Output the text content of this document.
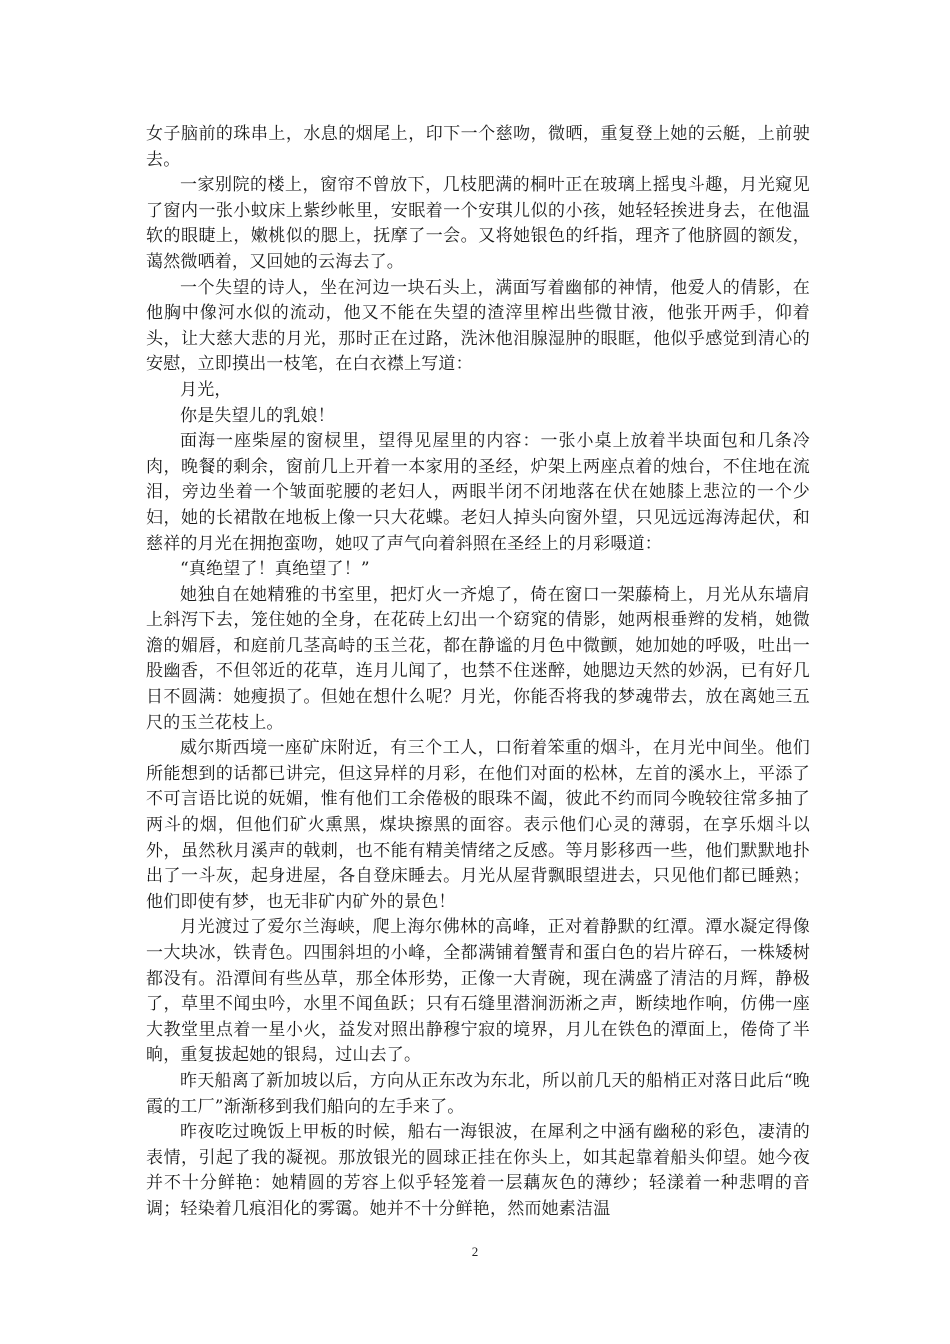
女子脑前的珠串上，水息的烟尾上，印下一个慈吻，微晒，重复登上她的云艇，上前驶去。

一家别院的楼上，窗帘不曾放下，几枝肥满的桐叶正在玻璃上摇曳斗趣，月光窥见了窗内一张小蚊床上紫纱帐里，安眠着一个安琪儿似的小孩，她轻轻挨进身去，在他温软的眼睫上，嫩桃似的腮上，抚摩了一会。又将她银色的纤指，理齐了他脐圆的额发，蔼然微哂着，又回她的云海去了。

一个失望的诗人，坐在河边一块石头上，满面写着幽郁的神情，他爱人的倩影，在他胸中像河水似的流动，他又不能在失望的渣滓里榨出些微甘液，他张开两手，仰着头，让大慈大悲的月光，那时正在过路，洗沐他泪腺湿肿的眼眶，他似乎感觉到清心的安慰，立即摸出一枝笔，在白衣襟上写道：

月光，

你是失望儿的乳娘！

面海一座柴屋的窗棂里，望得见屋里的内容：一张小桌上放着半块面包和几条冷肉，晚餐的剩余，窗前几上开着一本家用的圣经，炉架上两座点着的烛台，不住地在流泪，旁边坐着一个皱面驼腰的老妇人，两眼半闭不闭地落在伏在她膝上悲泣的一个少妇，她的长裙散在地板上像一只大花蝶。老妇人掉头向窗外望，只见远远海涛起伏，和慈祥的月光在拥抱蛮吻，她叹了声气向着斜照在圣经上的月彩嗫道：

“真绝望了！真绝望了！”

她独自在她精雅的书室里，把灯火一齐熄了，倚在窗口一架藤椅上，月光从东墙肩上斜泻下去，笼住她的全身，在花砖上幻出一个窈窕的倩影，她两根垂辫的发梢，她微澹的媚唇，和庭前几茎高峙的玉兰花，都在静谧的月色中微颤，她加她的呼吸，吐出一股幽香，不但邻近的花草，连月儿闻了，也禁不住迷醉，她腮边天然的妙涡，已有好几日不圆满：她瘦损了。但她在想什么呢？月光，你能否将我的梦魂带去，放在离她三五尺的玉兰花枝上。

威尔斯西境一座矿床附近，有三个工人，口衔着笨重的烟斗，在月光中间坐。他们所能想到的话都已讲完，但这异样的月彩，在他们对面的松林，左首的溪水上，平添了不可言语比说的妩媚，惟有他们工余倦极的眼珠不阖，彼此不约而同今晚较往常多抽了两斗的烟，但他们矿火熏黑，煤块擦黑的面容。表示他们心灵的薄弱，在享乐烟斗以外，虽然秋月溪声的戟刺，也不能有精美情绪之反感。等月影移西一些，他们默默地扑出了一斗灰，起身进屋，各自登床睡去。月光从屋背飘眼望进去，只见他们都已睡熟；他们即使有梦，也无非矿内矿外的景色！

月光渡过了爱尔兰海峡，爬上海尔佛林的高峰，正对着静默的红潭。潭水凝定得像一大块冰，铁青色。四围斜坦的小峰，全都满铺着蟹青和蛋白色的岩片碎石，一株矮树都没有。沿潭间有些丛草，那全体形势，正像一大青碗，现在满盛了清洁的月辉，静极了，草里不闻虫吟，水里不闻鱼跃；只有石缝里潜涧沥淅之声，断续地作响，仿佛一座大教堂里点着一星小火，益发对照出静穆宁寂的境界，月儿在铁色的潭面上，倦倚了半晌，重复拔起她的银舄，过山去了。

昨天船离了新加坡以后，方向从正东改为东北，所以前几天的船梢正对落日此后“晚霞的工厂”渐渐移到我们船向的左手来了。

昨夜吃过晚饭上甲板的时候，船右一海银波，在犀利之中涵有幽秘的彩色，凄清的表情，引起了我的凝视。那放银光的圆球正挂在你头上，如其起靠着船头仰望。她今夜并不十分鲜艳：她精圆的芳容上似乎轻笼着一层藕灰色的薄纱；轻漾着一种悲喟的音调；轻染着几痕泪化的雾霭。她并不十分鲜艳，然而她素洁温

2
